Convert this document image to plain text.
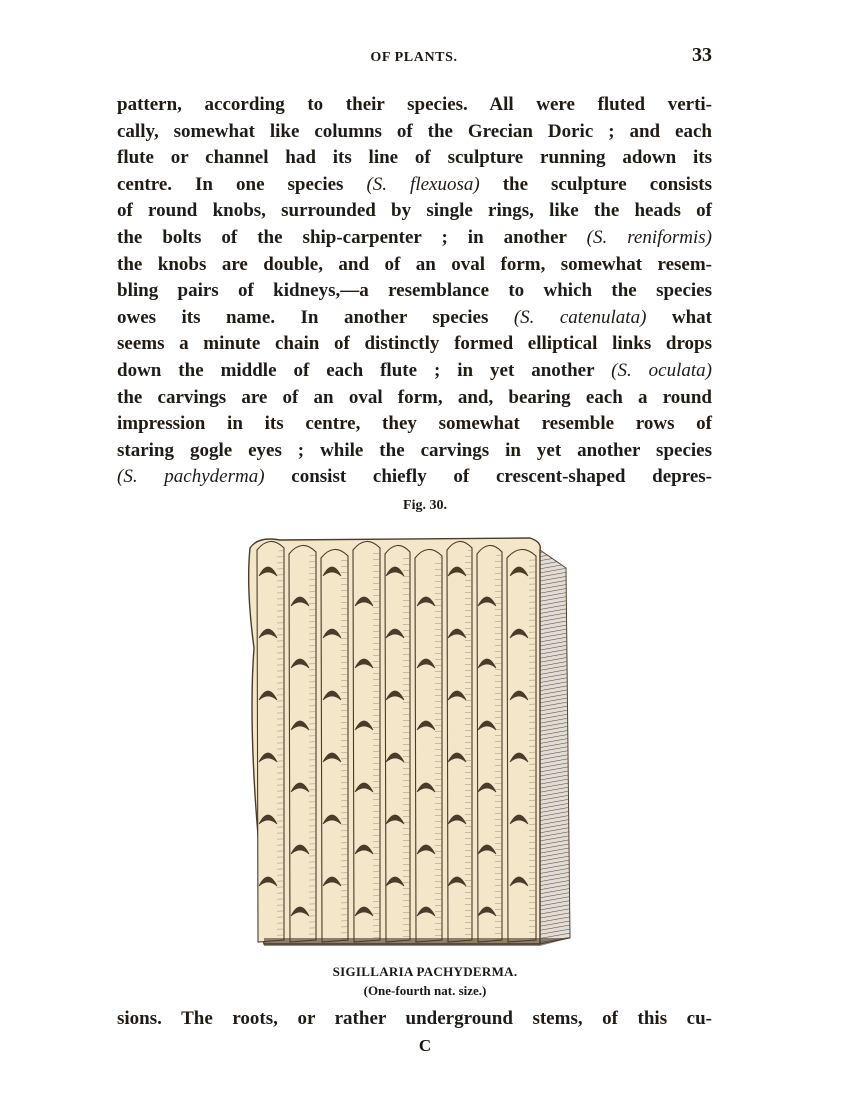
OF PLANTS.	33
pattern, according to their species. All were fluted verti-
cally, somewhat like columns of the Grecian Doric ; and each
flute or channel had its line of sculpture running adown its
centre. In one species (S. flexuosa) the sculpture consists
of round knobs, surrounded by single rings, like the heads of
the bolts of the ship-carpenter ; in another (S. reniformis)
the knobs are double, and of an oval form, somewhat resem-
bling pairs of kidneys,—a resemblance to which the sрecies
owes its name. In another species (S. catenulata) what
seems a minute chain of distinctly formed elliptical links drops
down the middle of each flute ; in yet another (S. oculata)
the carvings are of an oval form, and, bearing each a round
impression in its centre, they somewhat resemble rows of
staring gogle eyes ; while the carvings in yet another species
(S. pachyderma) consist chiefly of crescent-shaped depres-
Fig. 30.
SIGILLARIA PACHYDERMA.
(One-fourth nat. size.)
sions. The roots, or rather underground stems, of this cu-
C
